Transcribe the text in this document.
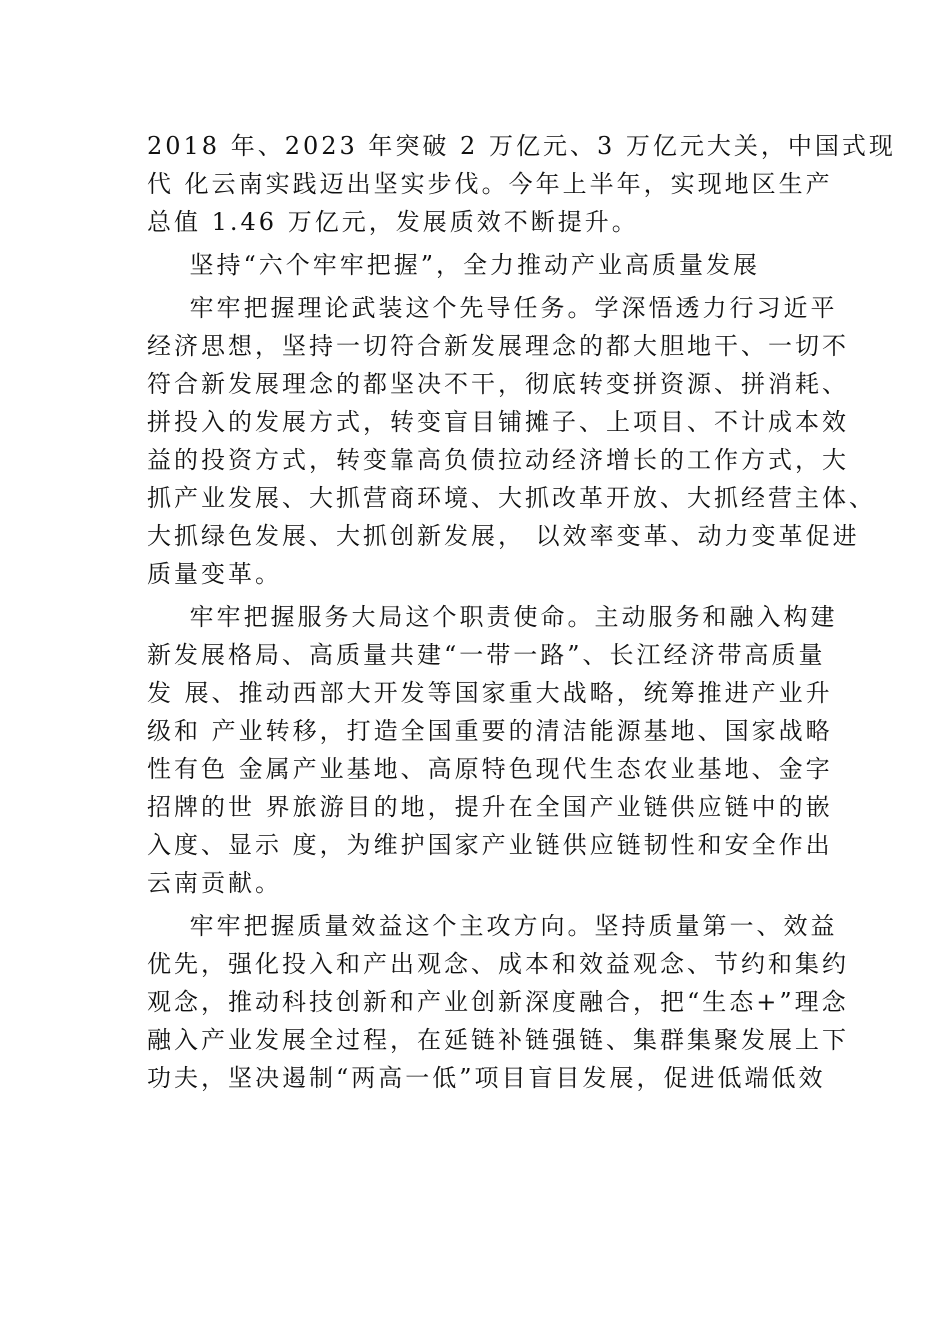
2018 年、2023 年突破 2 万亿元、3 万亿元大关，中国式现
代 化云南实践迈出坚实步伐。今年上半年，实现地区生产
总值 1.46 万亿元，发展质效不断提升。
坚持“六个牢牢把握”，全力推动产业高质量发展
牢牢把握理论武装这个先导任务。学深悟透力行习近平
经济思想，坚持一切符合新发展理念的都大胆地干、一切不
符合新发展理念的都坚决不干，彻底转变拼资源、拼消耗、
拼投入的发展方式，转变盲目铺摊子、上项目、不计成本效
益的投资方式，转变靠高负债拉动经济增长的工作方式，大
抓产业发展、大抓营商环境、大抓改革开放、大抓经营主体、
大抓绿色发展、大抓创新发展， 以效率变革、动力变革促进
质量变革。
牢牢把握服务大局这个职责使命。主动服务和融入构建
新发展格局、高质量共建“一带一路”、长江经济带高质量
发 展、推动西部大开发等国家重大战略，统筹推进产业升
级和 产业转移，打造全国重要的清洁能源基地、国家战略
性有色 金属产业基地、高原特色现代生态农业基地、金字
招牌的世 界旅游目的地，提升在全国产业链供应链中的嵌
入度、显示 度，为维护国家产业链供应链韧性和安全作出
云南贡献。
牢牢把握质量效益这个主攻方向。坚持质量第一、效益
优先，强化投入和产出观念、成本和效益观念、节约和集约
观念，推动科技创新和产业创新深度融合，把“生态+”理念
融入产业发展全过程，在延链补链强链、集群集聚发展上下
功夫，坚决遏制“两高一低”项目盲目发展，促进低端低效
